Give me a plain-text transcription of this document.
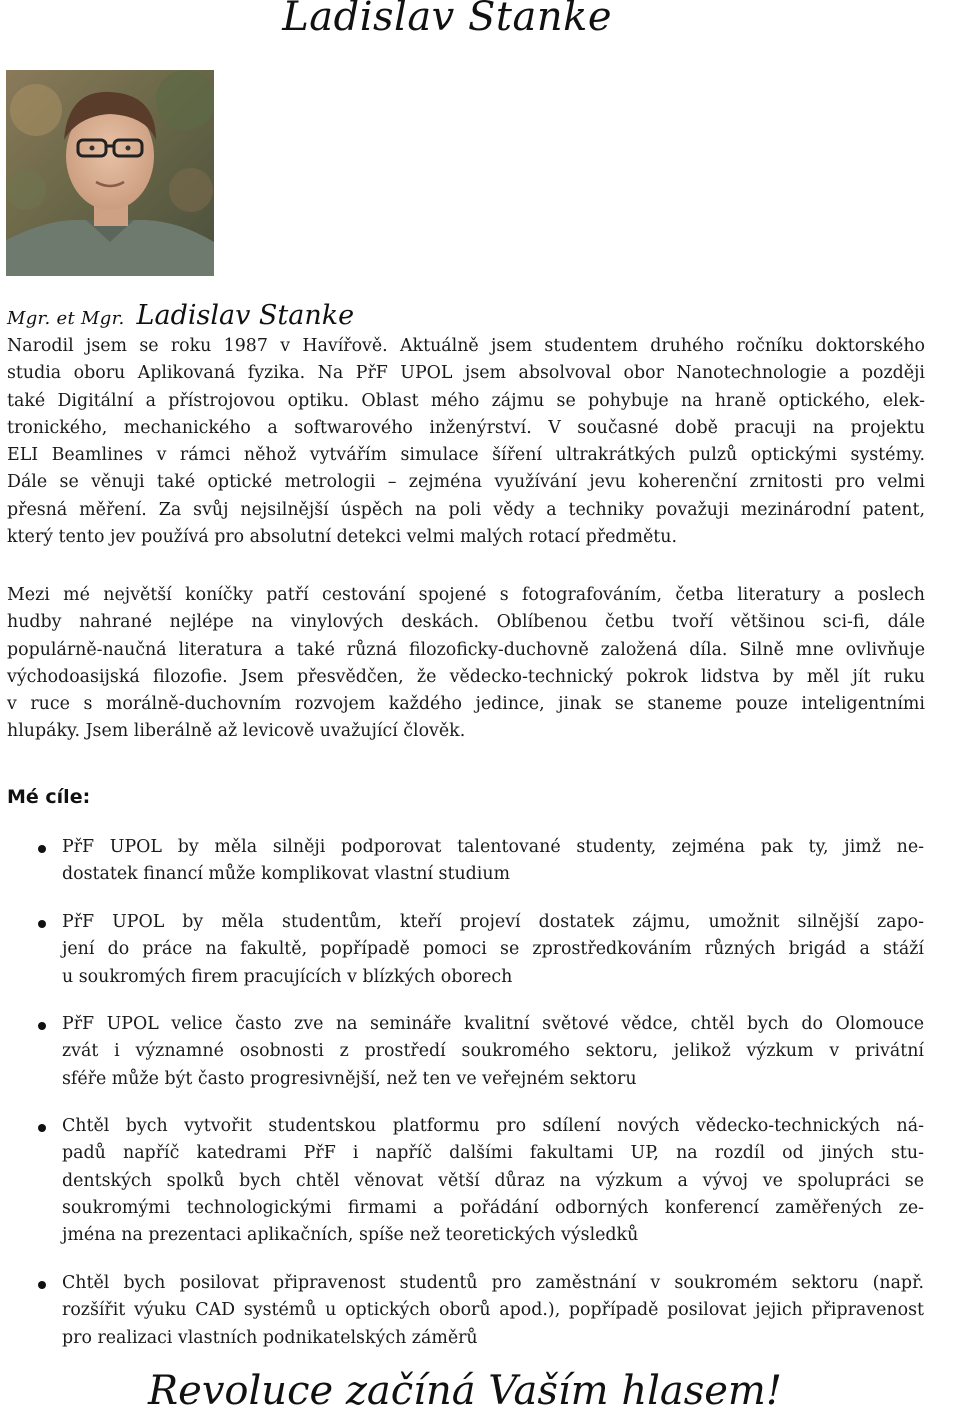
Ladislav Stanke
Mgr. et Mgr. Ladislav Stanke

Narodil jsem se roku 1987 v Havířově. Aktuálně jsem studentem druhého ročníku doktorského
studia oboru Aplikovaná fyzika. Na PřF UPOL jsem absolvoval obor Nanotechnologie a později
také Digitální a přístrojovou optiku. Oblast mého zájmu se pohybuje na hraně optického, elek-
tronického, mechanického a softwarového inženýrství. V současné době pracuji na projektu
ELI Beamlines v rámci něhož vytvářím simulace šíření ultrakrátkých pulzů optickými systémy.
Dále se věnuji také optické metrologii – zejména využívání jevu koherenční zrnitosti pro velmi
přesná měření. Za svůj nejsilnější úspěch na poli vědy a techniky považuji mezinárodní patent,
který tento jev používá pro absolutní detekci velmi malých rotací předmětu.

Mezi mé největší koníčky patří cestování spojené s fotografováním, četba literatury a poslech
hudby nahrané nejlépe na vinylových deskách. Oblíbenou četbu tvoří většinou sci-fi, dále
populárně-naučná literatura a také různá filozoficky-duchovně založená díla. Silně mne ovlivňuje
východoasijská filozofie. Jsem přesvědčen, že vědecko-technický pokrok lidstva by měl jít ruku
v ruce s morálně-duchovním rozvojem každého jedince, jinak se staneme pouze inteligentními
hlupáky. Jsem liberálně až levicově uvažující člověk.

Mé cíle:
PřF UPOL by měla silněji podporovat talentované studenty, zejména pak ty, jimž ne-
dostatek financí může komplikovat vlastní studium
PřF UPOL by měla studentům, kteří projeví dostatek zájmu, umožnit silnější zapo-
jení do práce na fakultě, popřípadě pomoci se zprostředkováním různých brigád a stáží
u soukromých firem pracujících v blízkých oborech
PřF UPOL velice často zve na semináře kvalitní světové vědce, chtěl bych do Olomouce
zvát i významné osobnosti z prostředí soukromého sektoru, jelikož výzkum v privátní
sféře může být často progresivnější, než ten ve veřejném sektoru
Chtěl bych vytvořit studentskou platformu pro sdílení nových vědecko-technických ná-
padů napříč katedrami PřF i napříč dalšími fakultami UP, na rozdíl od jiných stu-
dentských spolků bych chtěl věnovat větší důraz na výzkum a vývoj ve spolupráci se
soukromými technologickými firmami a pořádání odborných konferencí zaměřených ze-
jména na prezentaci aplikačních, spíše než teoretických výsledků
Chtěl bych posilovat připravenost studentů pro zaměstnání v soukromém sektoru (např.
rozšířit výuku CAD systémů u optických oborů apod.), popřípadě posilovat jejich připravenost
pro realizaci vlastních podnikatelských záměrů
Revoluce začíná Vaším hlasem!
